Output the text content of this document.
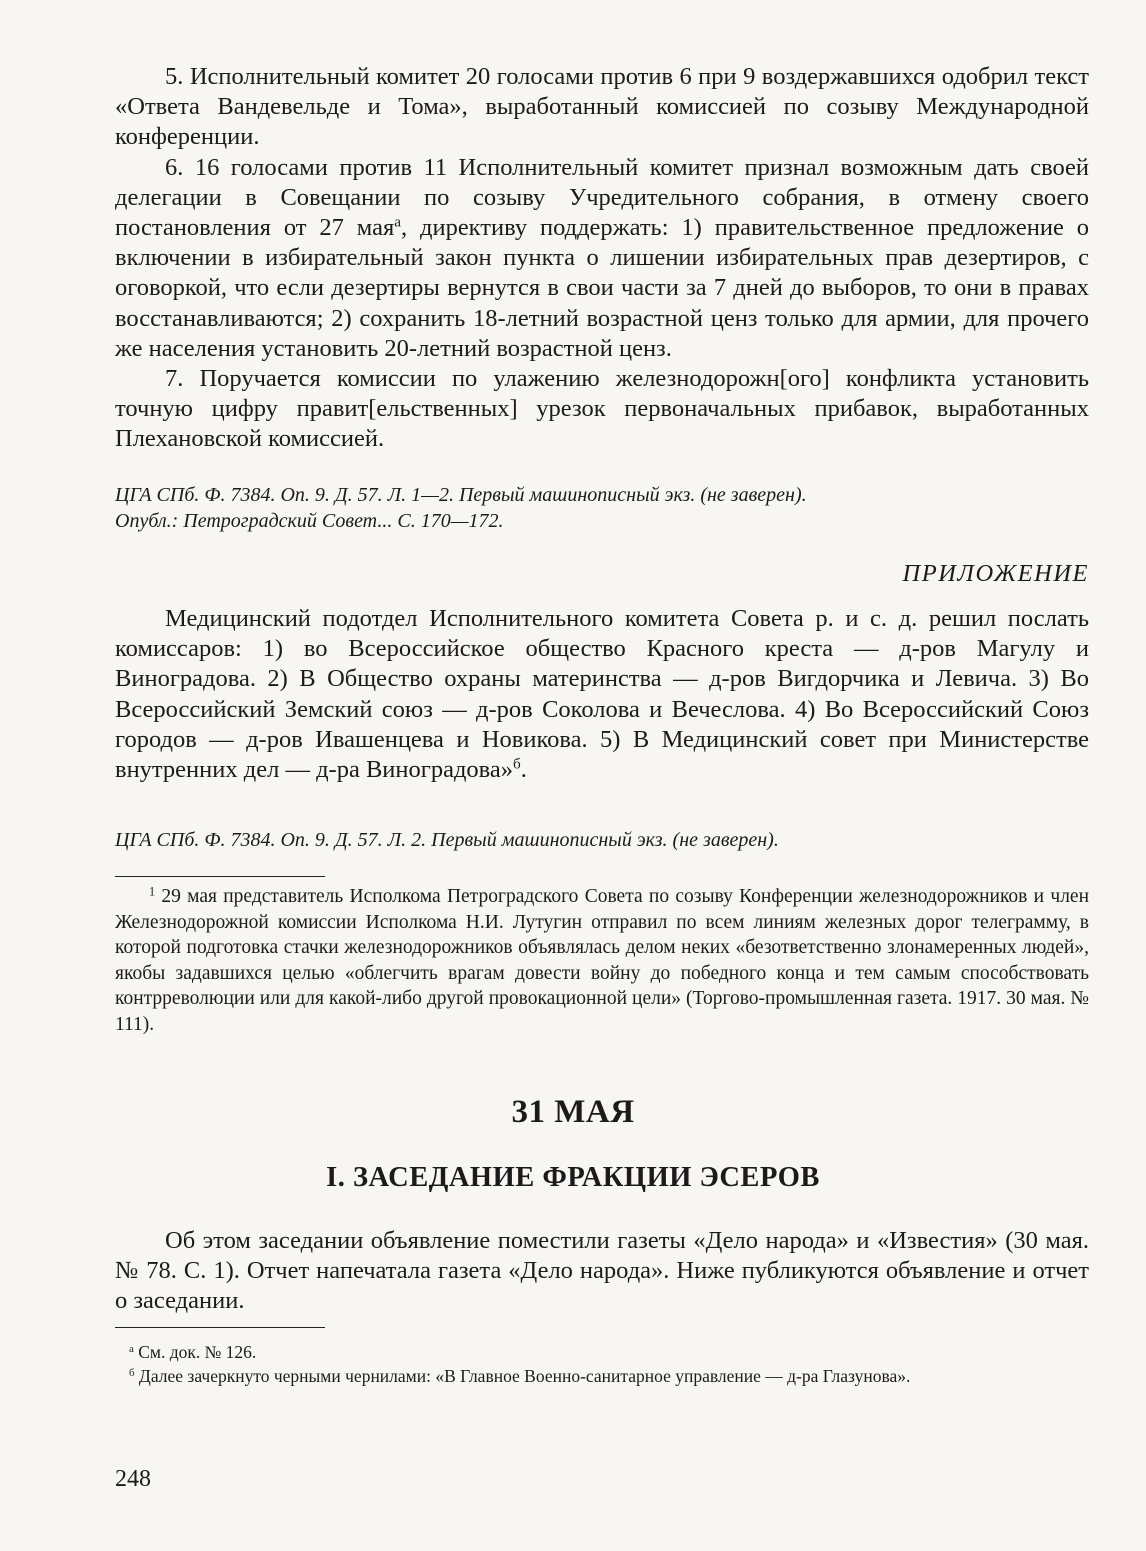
5. Исполнительный комитет 20 голосами против 6 при 9 воздержавшихся одобрил текст «Ответа Вандевельде и Тома», выработанный комиссией по созыву Международной конференции.

6. 16 голосами против 11 Исполнительный комитет признал возможным дать своей делегации в Совещании по созыву Учредительного собрания, в отмену своего постановления от 27 мая$^a$, директиву поддержать: 1) правительственное предложение о включении в избирательный закон пункта о лишении избирательных прав дезертиров, с оговоркой, что если дезертиры вернутся в свои части за 7 дней до выборов, то они в правах восстанавливаются; 2) сохранить 18-летний возрастной ценз только для армии, для прочего же населения установить 20-летний возрастной ценз.

7. Поручается комиссии по улажению железнодорожн[ого] конфликта установить точную цифру правит[ельственных] урезок первоначальных прибавок, выработанных Плехановской комиссией.

ЦГА СПб. Ф. 7384. Оп. 9. Д. 57. Л. 1—2. Первый машинописный экз. (не заверен).
Опубл.: Петроградский Совет... С. 170—172.
ПРИЛОЖЕНИЕ

Медицинский подотдел Исполнительного комитета Совета р. и с. д. решил послать комиссаров: 1) во Всероссийское общество Красного креста — д-ров Магулу и Виноградова. 2) В Общество охраны материнства — д-ров Вигдорчика и Левича. 3) Во Всероссийский Земский союз — д-ров Соколова и Вечеслова. 4) Во Всероссийский Союз городов — д-ров Ивашенцева и Новикова. 5) В Медицинский совет при Министерстве внутренних дел — д-ра Виноградова»$^б$.

ЦГА СПб. Ф. 7384. Оп. 9. Д. 57. Л. 2. Первый машинописный экз. (не заверен).

$^1$ 29 мая представитель Исполкома Петроградского Совета по созыву Конференции железнодорожников и член Железнодорожной комиссии Исполкома Н.И. Лутугин отправил по всем линиям железных дорог телеграмму, в которой подготовка стачки железнодорожников объявлялась делом неких «безответственно злонамеренных людей», якобы задавшихся целью «облегчить врагам довести войну до победного конца и тем самым способствовать контрреволюции или для какой-либо другой провокационной цели» (Торгово-промышленная газета. 1917. 30 мая. № 111).

31 МАЯ
I. ЗАСЕДАНИЕ ФРАКЦИИ ЭСЕРОВ

Об этом заседании объявление поместили газеты «Дело народа» и «Известия» (30 мая. № 78. С. 1). Отчет напечатала газета «Дело народа». Ниже публикуются объявление и отчет о заседании.

$^а$ См. док. № 126.

$^б$ Далее зачеркнуто черными чернилами: «В Главное Военно-санитарное управление — д-ра Глазунова».

248
